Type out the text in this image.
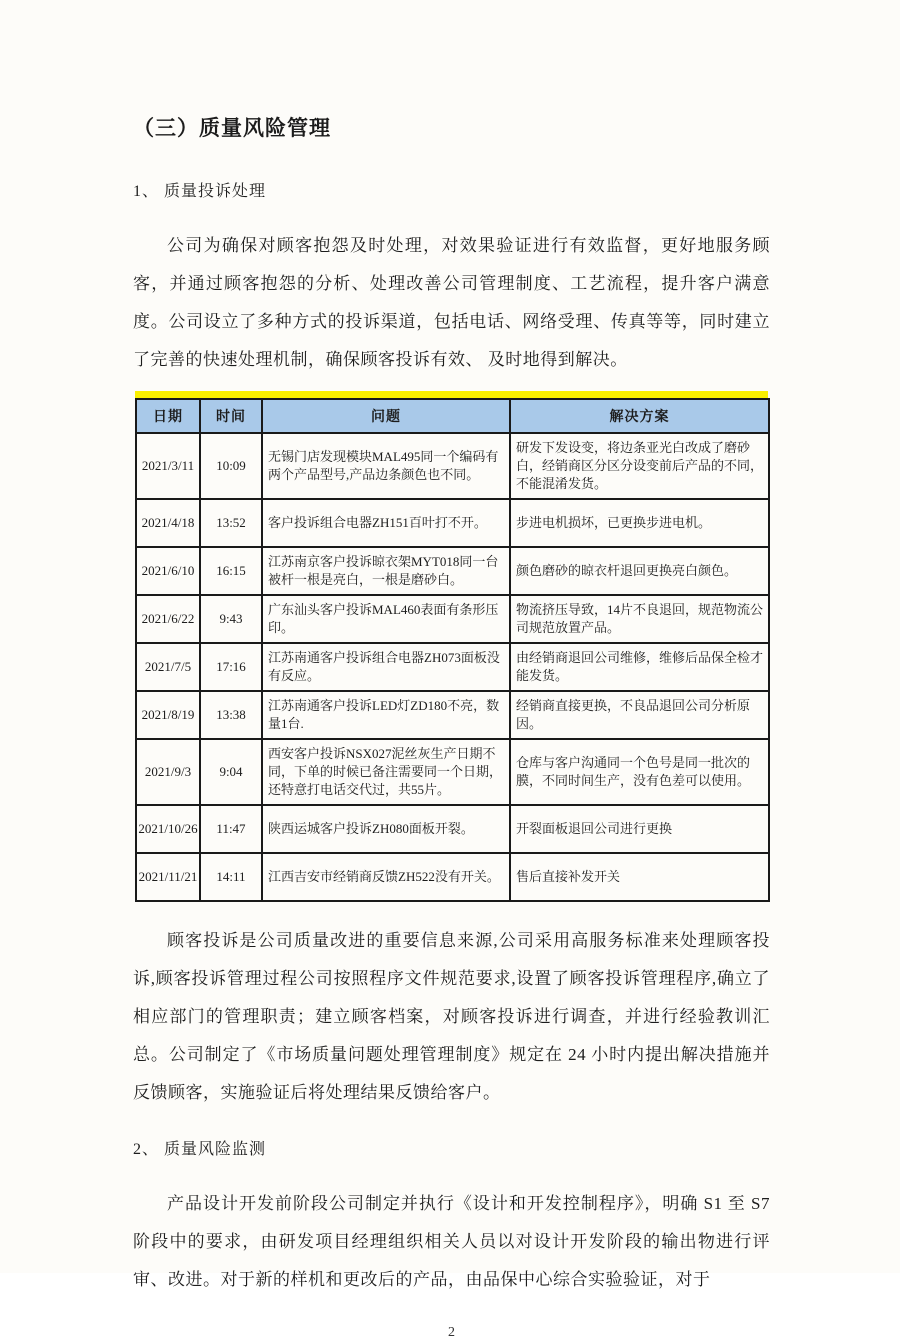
（三）质量风险管理
1、 质量投诉处理

公司为确保对顾客抱怨及时处理，对效果验证进行有效监督，更好地服务顾客，并通过顾客抱怨的分析、处理改善公司管理制度、工艺流程，提升客户满意度。公司设立了多种方式的投诉渠道，包括电话、网络受理、传真等等，同时建立了完善的快速处理机制，确保顾客投诉有效、 及时地得到解决。

日期	时间	问题	解决方案
2021/3/11	10:09	无锡门店发现模块MAL495同一个编码有两个产品型号,产品边条颜色也不同。	研发下发设变，将边条亚光白改成了磨砂白，经销商区分区分设变前后产品的不同，不能混淆发货。
2021/4/18	13:52	客户投诉组合电器ZH151百叶打不开。	步进电机损坏，已更换步进电机。
2021/6/10	16:15	江苏南京客户投诉晾衣架MYT018同一台被杆一根是亮白，一根是磨砂白。	颜色磨砂的晾衣杆退回更换亮白颜色。
2021/6/22	9:43	广东汕头客户投诉MAL460表面有条形压印。	物流挤压导致，14片不良退回，规范物流公司规范放置产品。
2021/7/5	17:16	江苏南通客户投诉组合电器ZH073面板没有反应。	由经销商退回公司维修，维修后品保全检才能发货。
2021/8/19	13:38	江苏南通客户投诉LED灯ZD180不亮，数量1台.	经销商直接更换，不良品退回公司分析原因。
2021/9/3	9:04	西安客户投诉NSX027泥丝灰生产日期不同，下单的时候已备注需要同一个日期，还特意打电话交代过，共55片。	仓库与客户沟通同一个色号是同一批次的膜，不同时间生产，没有色差可以使用。
2021/10/26	11:47	陕西运城客户投诉ZH080面板开裂。	开裂面板退回公司进行更换
2021/11/21	14:11	江西吉安市经销商反馈ZH522没有开关。	售后直接补发开关

顾客投诉是公司质量改进的重要信息来源,公司采用高服务标准来处理顾客投诉,顾客投诉管理过程公司按照程序文件规范要求,设置了顾客投诉管理程序,确立了相应部门的管理职责；建立顾客档案，对顾客投诉进行调查，并进行经验教训汇总。公司制定了《市场质量问题处理管理制度》规定在 24 小时内提出解决措施并反馈顾客，实施验证后将处理结果反馈给客户。

2、 质量风险监测

产品设计开发前阶段公司制定并执行《设计和开发控制程序》，明确 S1 至 S7 阶段中的要求，由研发项目经理组织相关人员以对设计开发阶段的输出物进行评审、改进。对于新的样机和更改后的产品，由品保中心综合实验验证，对于

2
